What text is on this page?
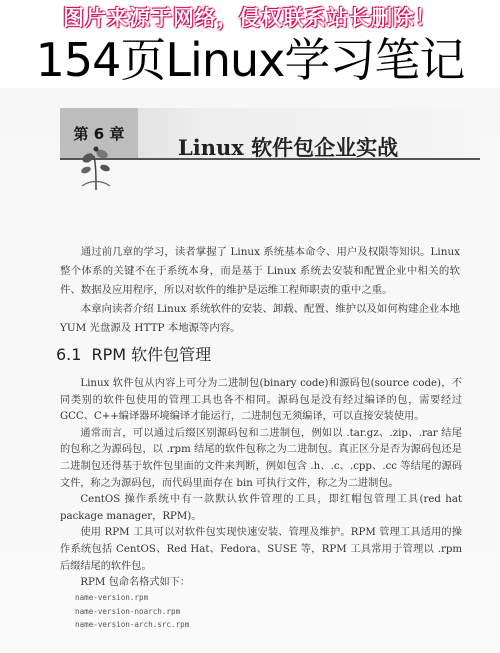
图片来源于网络，侵权联系站长删除！
154页Linux学习笔记
第 6 章
Linux 软件包企业实战

通过前几章的学习，读者掌握了 Linux 系统基本命令、用户及权限等知识。Linux 整个体系的关键不在于系统本身，而是基于 Linux 系统去安装和配置企业中相关的软件、数据及应用程序，所以对软件的维护是运维工程师职责的重中之重。

本章向读者介绍 Linux 系统软件的安装、卸载、配置、维护以及如何构建企业本地 YUM 光盘源及 HTTP 本地源等内容。

6.1 RPM 软件包管理

Linux 软件包从内容上可分为二进制包(binary code)和源码包(source code)，不同类别的软件包使用的管理工具也各不相同。源码包是没有经过编译的包，需要经过 GCC、C++编译器环境编译才能运行，二进制包无须编译，可以直接安装使用。

通常而言，可以通过后缀区别源码包和二进制包，例如以 .tar.gz、.zip、.rar 结尾的包称之为源码包，以 .rpm 结尾的软件包称之为二进制包。真正区分是否为源码包还是二进制包还得基于软件包里面的文件来判断，例如包含 .h、.c、.cpp、.cc 等结尾的源码文件，称之为源码包，而代码里面存在 bin 可执行文件，称之为二进制包。

CentOS 操作系统中有一款默认软件管理的工具，即红帽包管理工具(red hat package manager，RPM)。

使用 RPM 工具可以对软件包实现快速安装、管理及维护。RPM 管理工具适用的操作系统包括 CentOS、Red Hat、Fedora、SUSE 等，RPM 工具常用于管理以 .rpm 后缀结尾的软件包。

RPM 包命名格式如下：

name-version.rpm
name-version-noarch.rpm
name-version-arch.src.rpm
